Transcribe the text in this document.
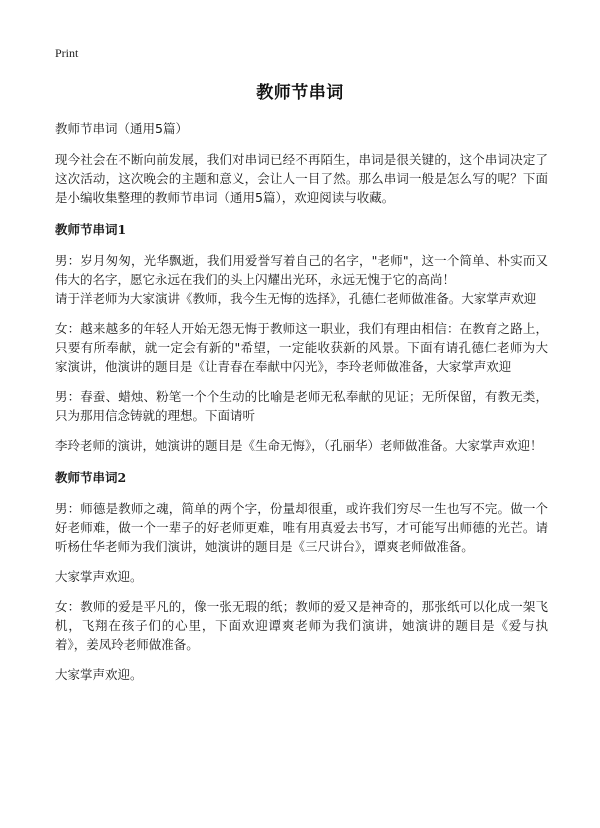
Print
教师节串词

教师节串词（通用5篇）

现今社会在不断向前发展，我们对串词已经不再陌生，串词是很关键的，这个串词决定了这次活动，这次晚会的主题和意义，会让人一目了然。那么串词一般是怎么写的呢？下面是小编收集整理的教师节串词（通用5篇），欢迎阅读与收藏。

教师节串词1

男：岁月匆匆，光华飘逝，我们用爱誉写着自己的名字，"老师"，这一个简单、朴实而又伟大的名字，愿它永远在我们的头上闪耀出光环，永远无愧于它的高尚！

请于洋老师为大家演讲《教师，我今生无悔的选择》，孔德仁老师做准备。大家掌声欢迎

女：越来越多的年轻人开始无怨无悔于教师这一职业，我们有理由相信：在教育之路上，只要有所奉献，就一定会有新的"希望，一定能收获新的风景。下面有请孔德仁老师为大家演讲，他演讲的题目是《让青春在奉献中闪光》，李玲老师做准备，大家掌声欢迎

男：春蚕、蜡烛、粉笔一个个生动的比喻是老师无私奉献的见证；无所保留，有教无类，只为那用信念铸就的理想。下面请听

李玲老师的演讲，她演讲的题目是《生命无悔》，（孔丽华）老师做准备。大家掌声欢迎！

教师节串词2

男：师德是教师之魂，简单的两个字，份量却很重，或许我们穷尽一生也写不完。做一个好老师难，做一个一辈子的好老师更难，唯有用真爱去书写，才可能写出师德的光芒。请听杨仕华老师为我们演讲，她演讲的题目是《三尺讲台》，谭爽老师做准备。

大家掌声欢迎。

女：教师的爱是平凡的，像一张无瑕的纸；教师的爱又是神奇的，那张纸可以化成一架飞机，飞翔在孩子们的心里，下面欢迎谭爽老师为我们演讲，她演讲的题目是《爱与执着》，姜凤玲老师做准备。

大家掌声欢迎。
